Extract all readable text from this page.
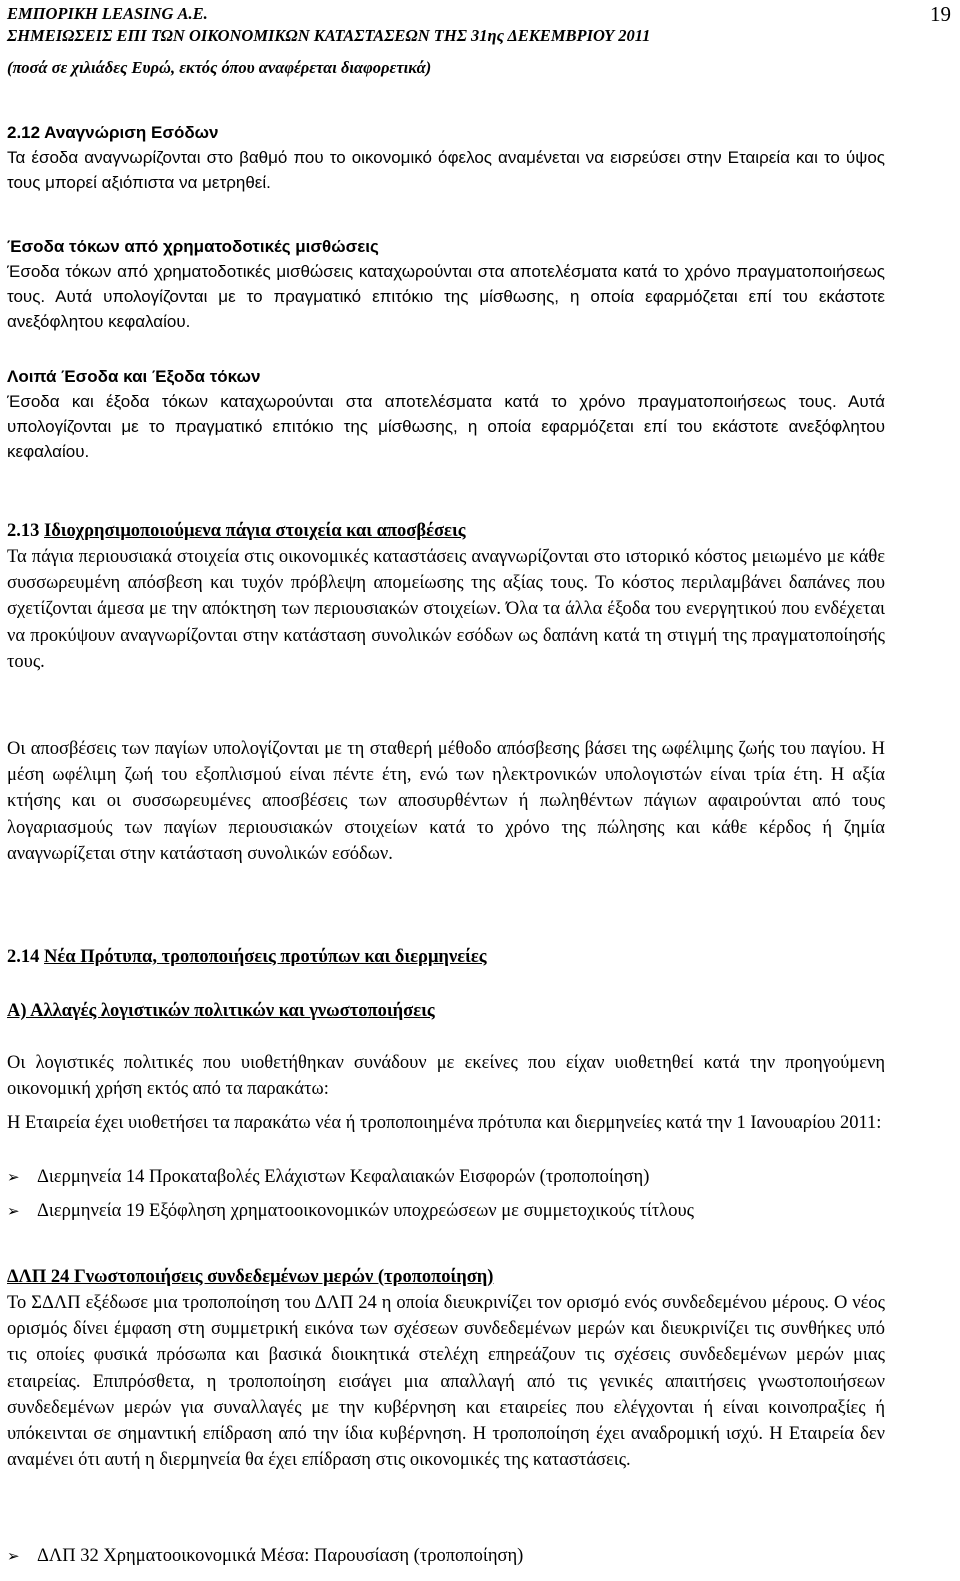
19
ΕΜΠΟΡΙΚΗ LEASING Α.Ε.
ΣΗΜΕΙΩΣΕΙΣ ΕΠΙ ΤΩΝ ΟΙΚΟΝΟΜΙΚΩΝ ΚΑΤΑΣΤΑΣΕΩΝ ΤΗΣ 31ης ΔΕΚΕΜΒΡΙΟΥ 2011
(ποσά σε χιλιάδες Ευρώ, εκτός όπου αναφέρεται διαφορετικά)
2.12 Αναγνώριση Εσόδων

Τα έσοδα αναγνωρίζονται στο βαθμό που το οικονομικό όφελος αναμένεται να εισρεύσει στην Εταιρεία και το ύψος τους μπορεί αξιόπιστα να μετρηθεί.

Έσοδα τόκων από χρηματοδοτικές μισθώσεις

Έσοδα τόκων από χρηματοδοτικές μισθώσεις καταχωρούνται στα αποτελέσματα κατά το χρόνο πραγματοποιήσεως τους. Αυτά υπολογίζονται με το πραγματικό επιτόκιο της μίσθωσης, η οποία εφαρμόζεται επί του εκάστοτε ανεξόφλητου κεφαλαίου.

Λοιπά Έσοδα και Έξοδα τόκων

Έσοδα και έξοδα τόκων καταχωρούνται στα αποτελέσματα κατά το χρόνο πραγματοποιήσεως τους. Αυτά υπολογίζονται με το πραγματικό επιτόκιο της μίσθωσης, η οποία εφαρμόζεται επί του εκάστοτε ανεξόφλητου κεφαλαίου.

2.13 Ιδιοχρησιμοποιούμενα πάγια στοιχεία και αποσβέσεις

Τα πάγια περιουσιακά στοιχεία στις οικονομικές καταστάσεις αναγνωρίζονται στο ιστορικό κόστος μειωμένο με κάθε συσσωρευμένη απόσβεση και τυχόν πρόβλεψη απομείωσης της αξίας τους. Το κόστος περιλαμβάνει δαπάνες που σχετίζονται άμεσα με την απόκτηση των περιουσιακών στοιχείων. Όλα τα άλλα έξοδα του ενεργητικού που ενδέχεται να προκύψουν αναγνωρίζονται στην κατάσταση συνολικών εσόδων ως δαπάνη κατά τη στιγμή της πραγματοποίησής τους.

Οι αποσβέσεις των παγίων υπολογίζονται με τη σταθερή μέθοδο απόσβεσης βάσει της ωφέλιμης ζωής του παγίου. Η μέση ωφέλιμη ζωή του εξοπλισμού είναι πέντε έτη, ενώ των ηλεκτρονικών υπολογιστών είναι τρία έτη. Η αξία κτήσης και οι συσσωρευμένες αποσβέσεις των αποσυρθέντων ή πωληθέντων πάγιων αφαιρούνται από τους λογαριασμούς των παγίων περιουσιακών στοιχείων κατά το χρόνο της πώλησης και κάθε κέρδος ή ζημία αναγνωρίζεται στην κατάσταση συνολικών εσόδων.

2.14 Νέα Πρότυπα, τροποποιήσεις προτύπων και διερμηνείες
Α) Αλλαγές λογιστικών πολιτικών και γνωστοποιήσεις

Οι λογιστικές πολιτικές που υιοθετήθηκαν συνάδουν με εκείνες που είχαν υιοθετηθεί κατά την προηγούμενη οικονομική χρήση εκτός από τα παρακάτω:

Η Εταιρεία έχει υιοθετήσει τα παρακάτω νέα ή τροποποιημένα πρότυπα και διερμηνείες κατά την 1 Ιανουαρίου 2011:

➢ Διερμηνεία 14 Προκαταβολές Ελάχιστων Κεφαλαιακών Εισφορών (τροποποίηση)
➢ Διερμηνεία 19 Εξόφληση χρηματοοικονομικών υποχρεώσεων με συμμετοχικούς τίτλους
ΔΛΠ 24 Γνωστοποιήσεις συνδεδεμένων μερών (τροποποίηση)

Το ΣΔΛΠ εξέδωσε μια τροποποίηση του ΔΛΠ 24 η οποία διευκρινίζει τον ορισμό ενός συνδεδεμένου μέρους. Ο νέος ορισμός δίνει έμφαση στη συμμετρική εικόνα των σχέσεων συνδεδεμένων μερών και διευκρινίζει τις συνθήκες υπό τις οποίες φυσικά πρόσωπα και βασικά διοικητικά στελέχη επηρεάζουν τις σχέσεις συνδεδεμένων μερών μιας εταιρείας. Επιπρόσθετα, η τροποποίηση εισάγει μια απαλλαγή από τις γενικές απαιτήσεις γνωστοποιήσεων συνδεδεμένων μερών για συναλλαγές με την κυβέρνηση και εταιρείες που ελέγχονται ή είναι κοινοπραξίες ή υπόκεινται σε σημαντική επίδραση από την ίδια κυβέρνηση. Η τροποποίηση έχει αναδρομική ισχύ. Η Εταιρεία δεν αναμένει ότι αυτή η διερμηνεία θα έχει επίδραση στις οικονομικές της καταστάσεις.

➢ ΔΛΠ 32 Χρηματοοικονομικά Μέσα: Παρουσίαση (τροποποίηση)
